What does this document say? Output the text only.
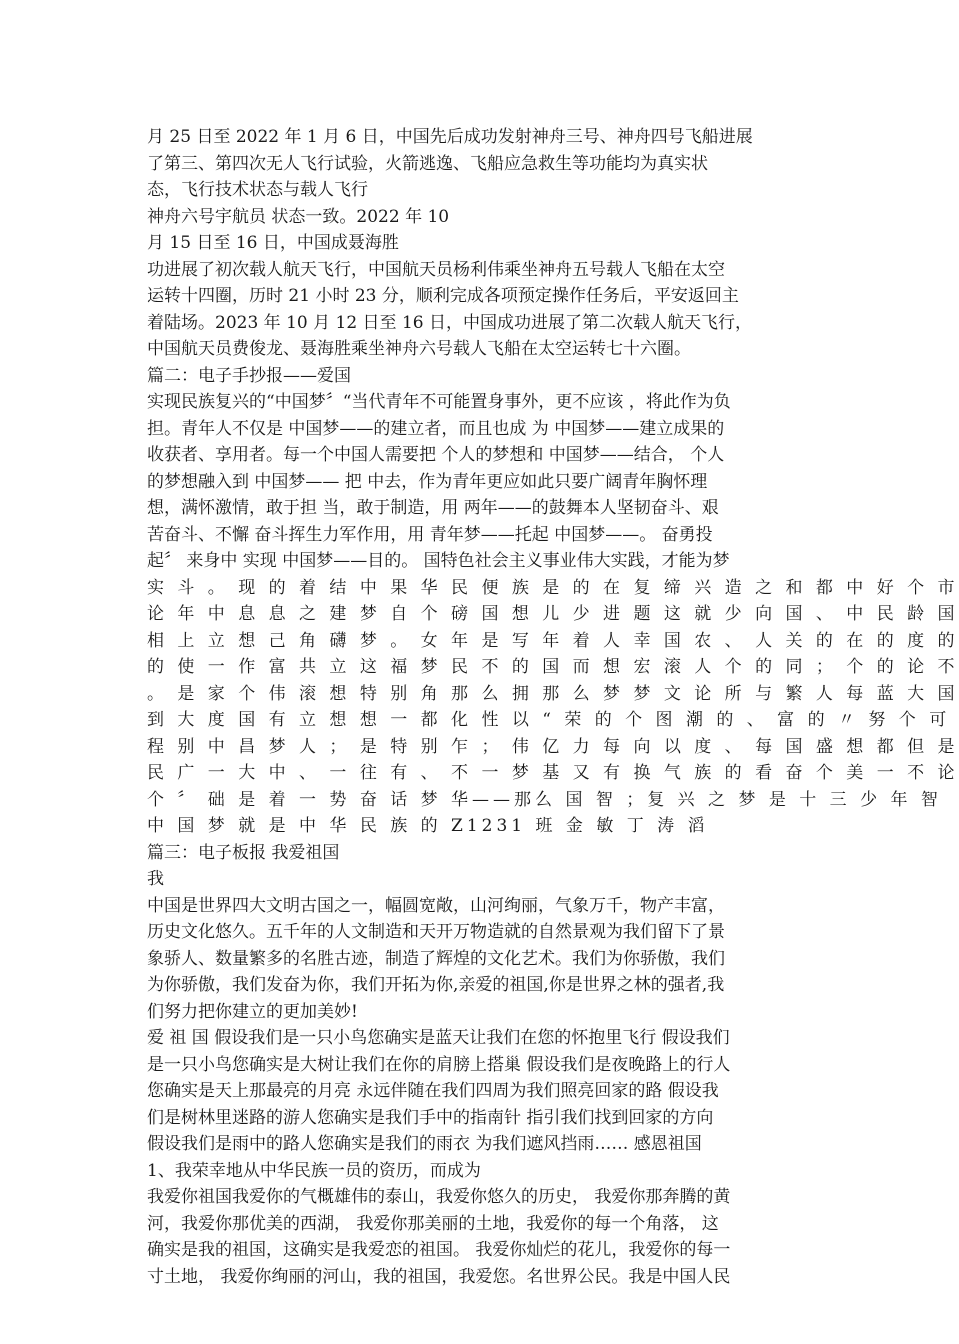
月 25 日至 2022 年 1 月 6 日，中国先后成功发射神舟三号、神舟四号飞船进展
了第三、第四次无人飞行试验，火箭逃逸、飞船应急救生等功能均为真实状
态，飞行技术状态与载人飞行
神舟六号宇航员 状态一致。2022 年 10
月 15 日至 16 日，中国成聂海胜
功进展了初次载人航天飞行，中国航天员杨利伟乘坐神舟五号载人飞船在太空
运转十四圈，历时 21 小时 23 分，顺利完成各项预定操作任务后，平安返回主
着陆场。2023 年 10 月 12 日至 16 日，中国成功进展了第二次载人航天飞行，
中国航天员费俊龙、聂海胜乘坐神舟六号载人飞船在太空运转七十六圈。
篇二：电子手抄报——爱国
实现民族复兴的“中国梦〞“当代青年不可能置身事外，更不应该 ，将此作为负
担。青年人不仅是 中国梦——的建立者，而且也成 为 中国梦——建立成果的
收获者、享用者。每一个中国人需要把 个人的梦想和 中国梦——结合， 个人
的梦想融入到 中国梦—— 把 中去，作为青年更应如此只要广阔青年胸怀理
想，满怀激情，敢于担 当，敢于制造，用 两年——的鼓舞本人坚韧奋斗、艰
苦奋斗、不懈 奋斗挥生力军作用，用 青年梦——托起 中国梦——。 奋勇投
起〞 来身中 实现 中国梦——目的。 国特色社会主义事业伟大实践，才能为梦
实 斗 。 现 的 着 结 中 果 华 民 便 族 是 的 在 复 缔 兴 造 之 和 都 中 好 个 市
论 年 中 息 息 之 建 梦 自 个 磅 国 想 儿 少 进 题 这 就 少 向 国 、 中 民 龄 国
相 上 立 想 己 角 礴 梦 。 女 年 是 写 年 着 人 幸 国 农 、 人 关 的 在 的 度 的
的 使 一 作 富 共 立 这 福 梦 民 不 的 国 而 想 宏 滚 人 个 的 同 ； 个 的 论 不
。 是 家 个 伟 滚 想 特 别 角 那 么 拥 那 么 梦 梦 文 论 所 与 繁 人 每 蓝 大 国
到 大 度 国 有 立 想 想 一 都 化 性 以 “ 荣 的 个 图 潮 的 、 富 的 〃 努 个 可
程 别 中 昌 梦 人 ； 是 特 别 乍 ； 伟 亿 力 每 向 以 度 、 每 国 盛 想 都 但 是
民 广 一 大 中 、 一 往 有 、 不 一 梦 基 又 有 换 气 族 的 看 奋 个 美 一 不 论
个 〞 础 是 着 一 势 奋 话 梦 华——那么 国 智 ；复 兴 之 梦 是 十 三 少 年 智
中 国 梦 就 是 中 华 民 族 的 Z1231 班 金 敏 丁 涛 滔
篇三：电子板报 我爱祖国
我
中国是世界四大文明古国之一，幅圆宽敞，山河绚丽，气象万千，物产丰富，
历史文化悠久。五千年的人文制造和天开万物造就的自然景观为我们留下了景
象骄人、数量繁多的名胜古迹，制造了辉煌的文化艺术。我们为你骄傲，我们
为你骄傲，我们发奋为你，我们开拓为你,亲爱的祖国,你是世界之林的强者,我
们努力把你建立的更加美妙!
爱 祖 国 假设我们是一只小鸟您确实是蓝天让我们在您的怀抱里飞行 假设我们
是一只小鸟您确实是大树让我们在你的肩膀上搭巢 假设我们是夜晚路上的行人
您确实是天上那最亮的月亮 永远伴随在我们四周为我们照亮回家的路 假设我
们是树林里迷路的游人您确实是我们手中的指南针 指引我们找到回家的方向
假设我们是雨中的路人您确实是我们的雨衣 为我们遮风挡雨…… 感恩祖国
1、我荣幸地从中华民族一员的资历，而成为
我爱你祖国我爱你的气概雄伟的泰山，我爱你悠久的历史， 我爱你那奔腾的黄
河，我爱你那优美的西湖， 我爱你那美丽的土地，我爱你的每一个角落， 这
确实是我的祖国，这确实是我爱恋的祖国。 我爱你灿烂的花儿，我爱你的每一
寸土地， 我爱你绚丽的河山，我的祖国，我爱您。名世界公民。我是中国人民
